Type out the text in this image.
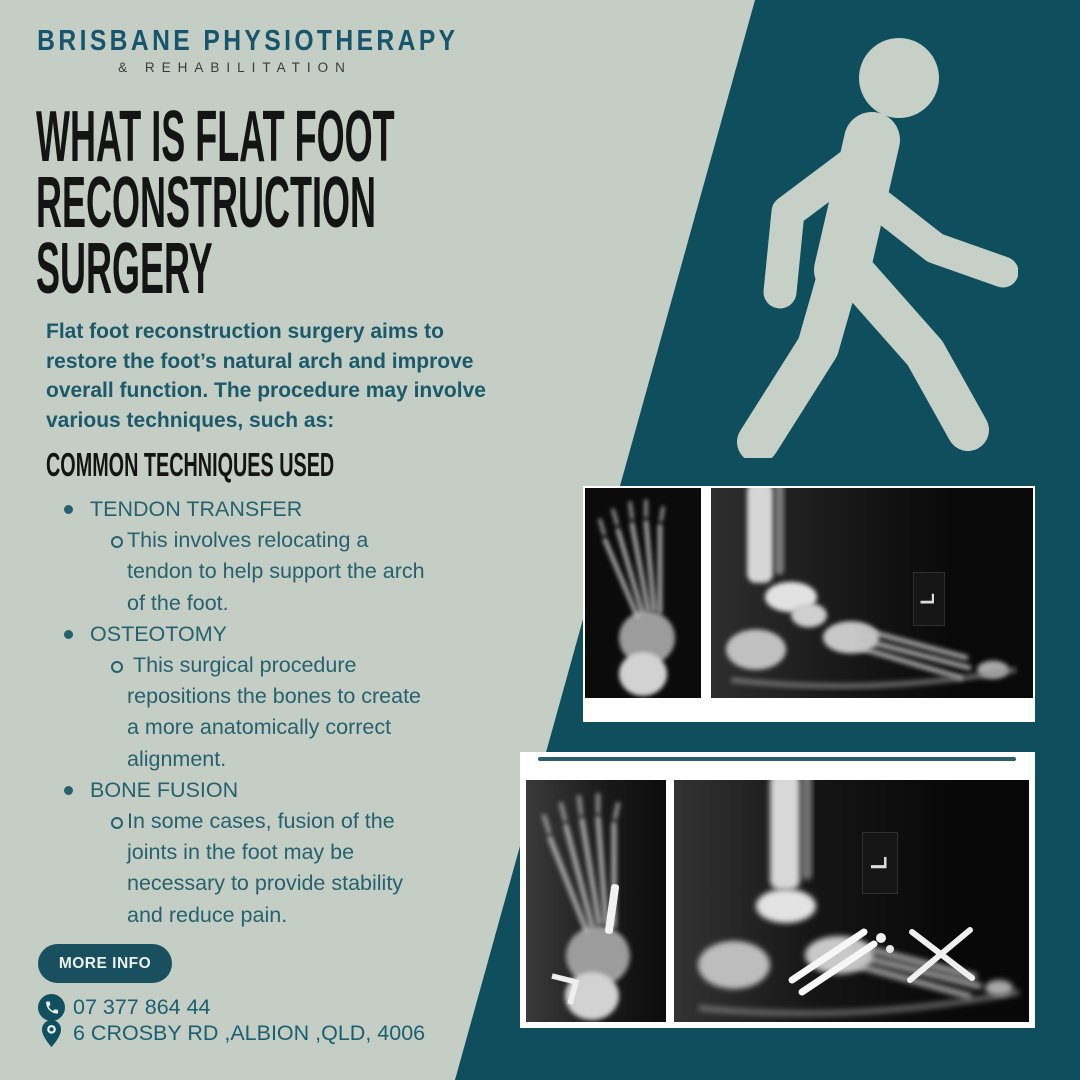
BRISBANE PHYSIOTHERAPY
& REHABILITATION
WHAT IS FLAT FOOT
RECONSTRUCTION
SURGERY
Flat foot reconstruction surgery aims to
restore the foot’s natural arch and improve
overall function. The procedure may involve
various techniques, such as:
COMMON TECHNIQUES USED
TENDON TRANSFER
This involves relocating a
tendon to help support the arch
of the foot.
OSTEOTOMY
This surgical procedure
repositions the bones to create
a more anatomically correct
alignment.
BONE FUSION
In some cases, fusion of the
joints in the foot may be
necessary to provide stability
and reduce pain.
L
L
MORE INFO
07 377 864 44
6 CROSBY RD ,ALBION ,QLD, 4006
